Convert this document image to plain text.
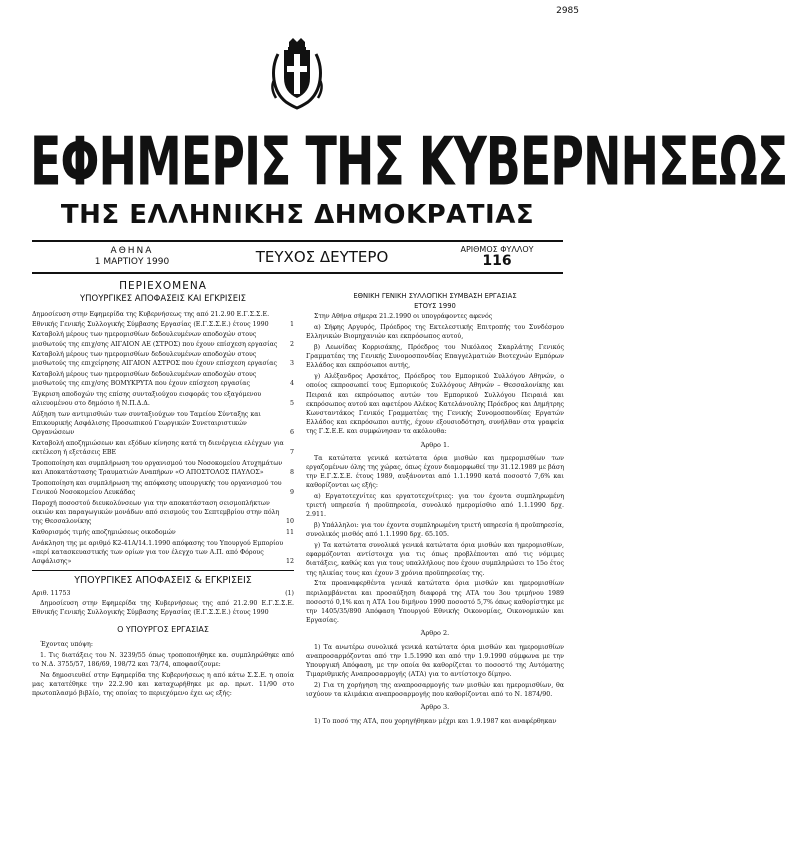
2985
ΕΦΗΜΕΡΙΣ ΤΗΣ ΚΥΒΕΡΝΗΣΕΩΣ
ΤΗΣ ΕΛΛΗΝΙΚΗΣ ΔΗΜΟΚΡΑΤΙΑΣ
ΑΘΗΝΑ
1 ΜΑΡΤΙΟΥ 1990	ΤΕΥΧΟΣ ΔΕΥΤΕΡΟ	ΑΡΙΘΜΟΣ ΦΥΛΛΟΥ
116
ΠΕΡΙΕΧΟΜΕΝΑ
ΥΠΟΥΡΓΙΚΕΣ ΑΠΟΦΑΣΕΙΣ ΚΑΙ ΕΓΚΡΙΣΕΙΣ
Δημοσίευση στην Εφημερίδα της Κυβερνήσεως της από 21.2.90 Ε.Γ.Σ.Σ.Ε. Εθνικής Γενικής Συλλογικής Σύμβασης Εργασίας (Ε.Γ.Σ.Σ.Ε.) έτους 1990	1
Καταβολή μέρους των ημερομισθίων δεδουλευμένων αποδοχών στους μισθωτούς της επιχ/σης ΑΙΓΑΙΟΝ ΑΕ (ΣΤΡΟΣ) που έχουν επίσχεση εργασίας 2
Καταβολή μέρους των ημερομισθίων δεδουλευμένων αποδοχών στους μισθωτούς της επιχείρησης ΑΙΓΑΙΟΝ ΑΣΤΡΟΣ που έχουν επίσχεση εργασίας 3
Καταβολή μέρους των ημερομισθίων δεδουλευμένων αποδοχών στους μισθωτούς της επιχ/σης ΒΟΜΥΚΡΥΤΑ που έχουν επίσχεση εργασίας	4
Έγκριση αποδοχών της επίσης συνταξιούχου εισφοράς του εξαγόμενου αλιευομένου στο δημόσιο ή Ν.Π.Δ.Δ.	5
Αύξηση των αντιμισθιών των συνταξιούχων του Ταμείου Σύνταξης και Επικουρικής Ασφάλισης Προσωπικού Γεωργικών Συνεταιριστικών Οργανώσεων	6
Καταβολή αποζημιώσεων και εξόδων κίνησης κατά τη διενέργεια ελέγχων για εκτέλεση ή εξετάσεις ΕΒΕ	7
Τροποποίηση και συμπλήρωση του οργανισμού του Νοσοκομείου Ατυχημάτων και Αποκατάστασης Τραυματιών Αναπήρων «Ο ΑΠΟΣΤΟΛΟΣ ΠΑΥΛΟΣ»	8
Τροποποίηση και συμπλήρωση της απόφασης υπουργικής του οργανισμού του Γενικού Νοσοκομείου Λευκάδας	9
Παροχή ποσοστού διευκολύνσεων για την αποκατάσταση σεισμοπλήκτων οικιών και παραγωγικών μονάδων από σεισμούς του Σεπτεμβρίου στην πόλη της Θεσσαλονίκης	10
Καθορισμός τιμής αποζημιώσεως οικοδομών	11
Ανάκληση της με αριθμό Κ2-41Α/14.1.1990 απόφασης του Υπουργού Εμπορίου «περί κατασκευαστικής των ορίων για τον έλεγχο των Α.Π. από Φόρους Ασφάλισης»	12
ΥΠΟΥΡΓΙΚΕΣ ΑΠΟΦΑΣΕΙΣ & ΕΓΚΡΙΣΕΙΣ
Αριθ. 11753	(1)
Δημοσίευση στην Εφημερίδα της Κυβερνήσεως της από 21.2.90 Ε.Γ.Σ.Σ.Ε. Εθνικής Γενικής Συλλογικής Σύμβασης Εργασίας (Ε.Γ.Σ.Σ.Ε.) έτους 1990
Ο ΥΠΟΥΡΓΟΣ ΕΡΓΑΣΙΑΣ
Έχοντας υπόψη:
1. Τις διατάξεις του Ν. 3239/55 όπως τροποποιήθηκε κα. συμπληρώθηκε από το Ν.Δ. 3755/57, 186/69, 198/72 και 73/74, αποφασίζουμε:
Να δημοσιευθεί στην Εφημερίδα της Κυβερνήσεως η από κάτω Σ.Σ.Ε. η οποία μας κατατέθηκε την 22.2.90 και καταχωρήθηκε με αρ. πρωτ. 11/90 στο πρωτοπλασμό βιβλίο, της οποίας το περιεχόμενο έχει ως εξής:
ΕΘΝΙΚΗ ΓΕΝΙΚΗ ΣΥΛΛΟΓΙΚΗ ΣΥΜΒΑΣΗ ΕΡΓΑΣΙΑΣ
ΕΤΟΥΣ 1990
Στην Αθήνα σήμερα 21.2.1990 οι υπογράφοντες αφενός
α) Σήφης Αργυρός, Πρόεδρος της Εκτελεστικής Επιτροπής του Συνδέσμου Ελληνικών Βιομηχανιών και εκπρόσωπος αυτού,
β) Λεωνίδας Κορρισάκης, Πρόεδρος του Νικόλαος Σκαρλάτης Γενικός Γραμματέας της Γενικής Συνομοσπονδίας Επαγγελματιών Βιοτεχνών Εμπόρων Ελλάδος και εκπρόσωποι αυτής,
γ) Αλέξανδρος Αρσκάτος, Πρόεδρος του Εμπορικού Συλλόγου Αθηνών, ο οποίος εκπροσωπεί τους Εμπορικούς Συλλόγους Αθηνών – Θεσσαλονίκης και Πειραιά και εκπρόσωπος αυτών του Εμπορικού Συλλόγου Πειραιά και εκπρόσωπος αυτού και αφετέρου Αλέκος Κατελάνουλης Πρόεδρος και Δημήτρης Κωνσταντάκος Γενικός Γραμματέας της Γενικής Συνομοσπονδίας Εργατών Ελλάδος και εκπρόσωποι αυτής, έχουν εξουσιοδότηση, συνήλθαν στα γραφεία της Γ.Σ.Ε.Ε. και συμφώνησαν τα ακόλουθα:
Άρθρο 1.
Τα κατώτατα γενικά κατώτατα όρια μισθών και ημερομισθίων των εργαζομένων όλης της χώρας, όπως έχουν διαμορφωθεί την 31.12.1989 με βάση την Ε.Γ.Σ.Σ.Ε. έτους 1989, αυξάνονται από 1.1.1990 κατά ποσοστό 7,6% και καθορίζονται ως εξής:
α) Εργατοτεχνίτες και εργατοτεχνίτριες: για τον έχοντα συμπληρωμένη τριετή υπηρεσία ή προϋπηρεσία, συνολικό ημερομίσθιο από 1.1.1990 δρχ. 2.911.
β) Υπάλληλοι: για τον έχοντα συμπληρωμένη τριετή υπηρεσία ή προϋπηρεσία, συνολικός μισθός από 1.1.1990 δρχ. 65.105.
γ) Τα κατώτατα συνολικά γενικά κατώτατα όρια μισθών και ημερομισθίων, εφαρμόζονται αντίστοιχα για τις όπως προβλέπονται από τις νόμιμες διατάξεις, καθώς και για τους υπαλλήλους που έχουν συμπληρώσει το 15ο έτος της ηλικίας τους και έχουν 3 χρόνια προϋπηρεσίας της.
Στα προαναφερθέντα γενικά κατώτατα όρια μισθών και ημερομισθίων περιλαμβάνεται και προσαύξηση διαφορά της ΑΤΑ του 3ου τριμήνου 1989 ποσοστό 0,1% και η ΑΤΑ 1ου διμήνου 1990 ποσοστό 5,7% όπως καθορίστηκε με την 1405/35/890 Απόφαση Υπουργού Εθνικής Οικονομίας, Οικονομικών και Εργασίας.
Άρθρο 2.
1) Τα ανωτέρω συνολικά γενικά κατώτατα όρια μισθών και ημερομισθίων αναπροσαρμόζονται από την 1.5.1990 και από την 1.9.1990 σύμφωνα με την Υπουργική Απόφαση, με την οποία θα καθορίζεται το ποσοστό της Αυτόματης Τιμαριθμικής Αναπροσαρμογής (ΑΤΑ) για το αντίστοιχο δίμηνο.
2) Για τη χορήγηση της αναπροσαρμογής των μισθών και ημερομισθίων, θα ισχύουν τα κλιμάκια αναπροσαρμογής που καθορίζονται από το Ν. 1874/90.
Άρθρο 3.
1) Το ποσό της ΑΤΑ, που χορηγήθηκαν μέχρι και 1.9.1987 και αναφέρθηκαν
